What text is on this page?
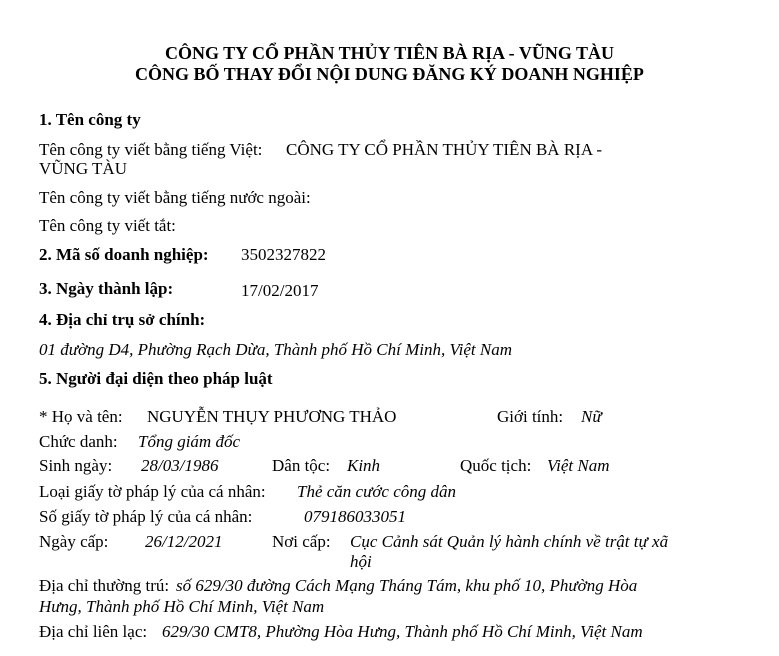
CÔNG TY CỔ PHẦN THỦY TIÊN BÀ RỊA - VŨNG TÀU
CÔNG BỐ THAY ĐỔI NỘI DUNG ĐĂNG KÝ DOANH NGHIỆP
1. Tên công ty
Tên công ty viết bằng tiếng Việt: CÔNG TY CỔ PHẦN THỦY TIÊN BÀ RỊA -
VŨNG TÀU
Tên công ty viết bằng tiếng nước ngoài:
Tên công ty viết tắt:
2. Mã số doanh nghiệp: 3502327822
3. Ngày thành lập:	17/02/2017
4. Địa chỉ trụ sở chính:
01 đường D4, Phường Rạch Dừa, Thành phố Hồ Chí Minh, Việt Nam
5. Người đại diện theo pháp luật
* Họ và tên: NGUYỄN THỤY PHƯƠNG THẢO	Giới tính: Nữ
Chức danh: Tổng giám đốc
Sinh ngày: 28/03/1986	Dân tộc: Kinh	Quốc tịch: Việt Nam
Loại giấy tờ pháp lý của cá nhân: Thẻ căn cước công dân
Số giấy tờ pháp lý của cá nhân:	079186033051
Ngày cấp: 26/12/2021	Nơi cấp: Cục Cảnh sát Quản lý hành chính về trật tự xã
hội
Địa chỉ thường trú: số 629/30 đường Cách Mạng Tháng Tám, khu phố 10, Phường Hòa
Hưng, Thành phố Hồ Chí Minh, Việt Nam
Địa chỉ liên lạc: 629/30 CMT8, Phường Hòa Hưng, Thành phố Hồ Chí Minh, Việt Nam
